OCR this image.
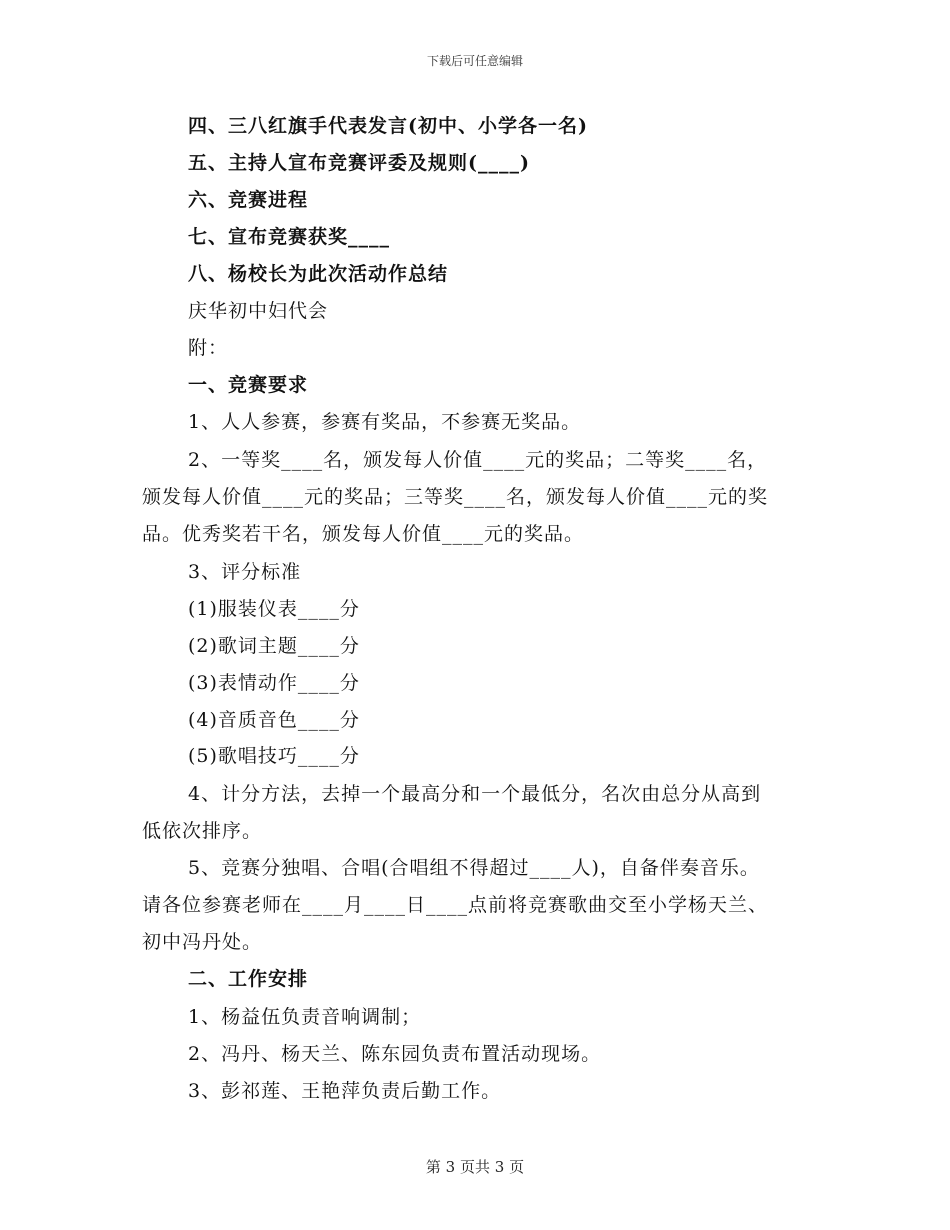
下载后可任意编辑
四、三八红旗手代表发言(初中、小学各一名)
五、主持人宣布竞赛评委及规则(____)
六、竞赛进程
七、宣布竞赛获奖____
八、杨校长为此次活动作总结
庆华初中妇代会
附：
一、竞赛要求
1、人人参赛，参赛有奖品，不参赛无奖品。
2、一等奖____名，颁发每人价值____元的奖品；二等奖____名，
颁发每人价值____元的奖品；三等奖____名，颁发每人价值____元的奖
品。优秀奖若干名，颁发每人价值____元的奖品。
3、评分标准
(1)服装仪表____分
(2)歌词主题____分
(3)表情动作____分
(4)音质音色____分
(5)歌唱技巧____分
4、计分方法，去掉一个最高分和一个最低分，名次由总分从高到
低依次排序。
5、竞赛分独唱、合唱(合唱组不得超过____人)，自备伴奏音乐。
请各位参赛老师在____月____日____点前将竞赛歌曲交至小学杨天兰、
初中冯丹处。
二、工作安排
1、杨益伍负责音响调制；
2、冯丹、杨天兰、陈东园负责布置活动现场。
3、彭祁莲、王艳萍负责后勤工作。
第 3 页共 3 页
